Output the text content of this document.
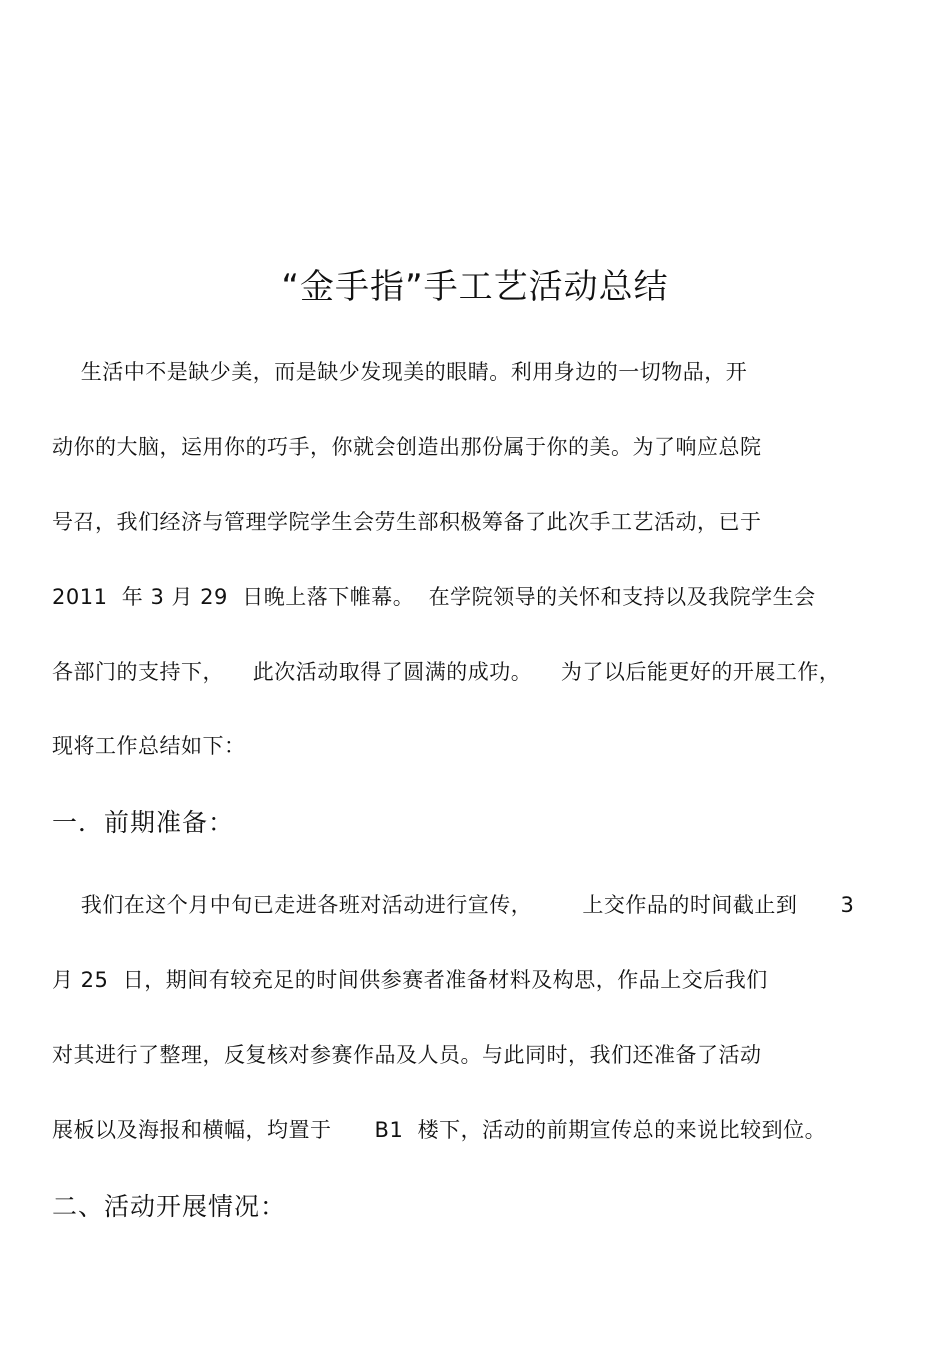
“金手指”手工艺活动总结
生活中不是缺少美，而是缺少发现美的眼睛。利用身边的一切物品，开
动你的大脑，运用你的巧手，你就会创造出那份属于你的美。为了响应总院
号召，我们经济与管理学院学生会劳生部积极筹备了此次手工艺活动，已于
2011  年 3 月 29  日晚上落下帷幕。  在学院领导的关怀和支持以及我院学生会
各部门的支持下，    此次活动取得了圆满的成功。    为了以后能更好的开展工作，
现将工作总结如下：
一．前期准备：
我们在这个月中旬已走进各班对活动进行宣传，       上交作品的时间截止到      3
月 25  日，期间有较充足的时间供参赛者准备材料及构思，作品上交后我们
对其进行了整理，反复核对参赛作品及人员。与此同时，我们还准备了活动
展板以及海报和横幅，均置于      B1  楼下，活动的前期宣传总的来说比较到位。
二、活动开展情况：
